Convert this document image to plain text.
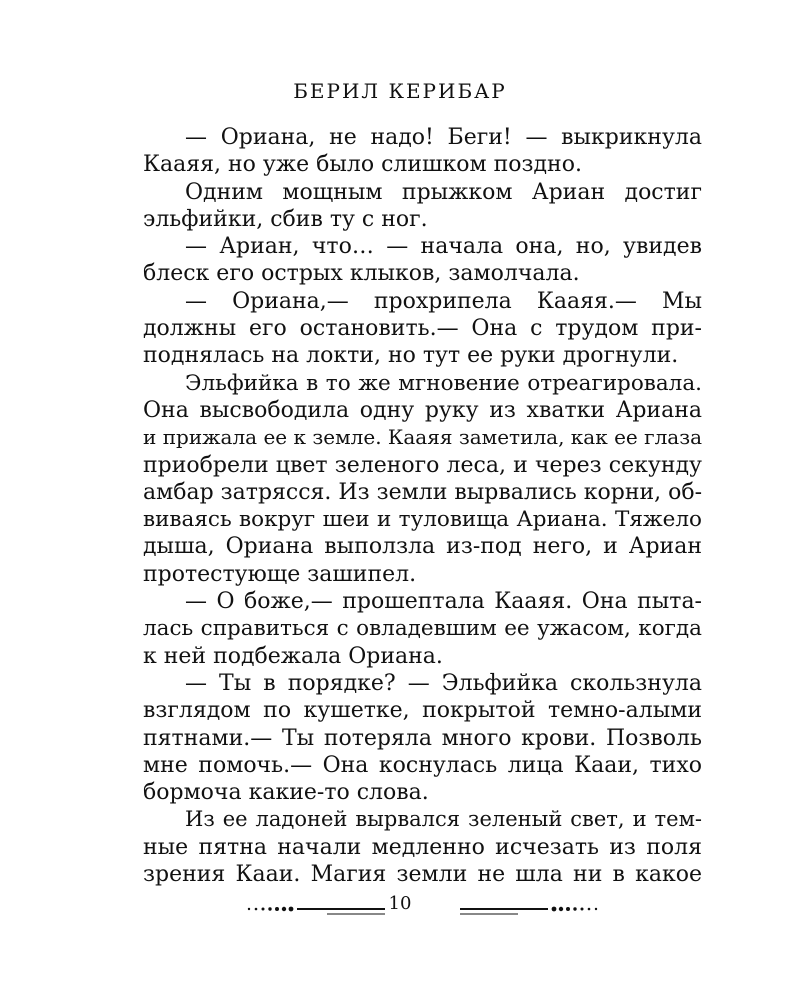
БЕРИЛ КЕРИБАР
— Ориана, не надо! Беги! — выкрикнула
Кааяя, но уже было слишком поздно.
Одним мощным прыжком Ариан достиг
эльфийки, сбив ту с ног.
— Ариан, что… — начала она, но, увидев
блеск его острых клыков, замолчала.
— Ориана,— прохрипела Кааяя.— Мы
должны его остановить.— Она с трудом при-
поднялась на локти, но тут ее руки дрогнули.
Эльфийка в то же мгновение отреагировала.
Она высвободила одну руку из хватки Ариана
и прижала ее к земле. Кааяя заметила, как ее глаза
приобрели цвет зеленого леса, и через секунду
амбар затрясся. Из земли вырвались корни, об-
виваясь вокруг шеи и туловища Ариана. Тяжело
дыша, Ориана выползла из-под него, и Ариан
протестующе зашипел.
— О боже,— прошептала Кааяя. Она пыта-
лась справиться с овладевшим ее ужасом, когда
к ней подбежала Ориана.
— Ты в порядке? — Эльфийка скользнула
взглядом по кушетке, покрытой темно-алыми
пятнами.— Ты потеряла много крови. Позволь
мне помочь.— Она коснулась лица Кааи, тихо
бормоча какие-то слова.
Из ее ладоней вырвался зеленый свет, и тем-
ные пятна начали медленно исчезать из поля
зрения Кааи. Магия земли не шла ни в какое
10
